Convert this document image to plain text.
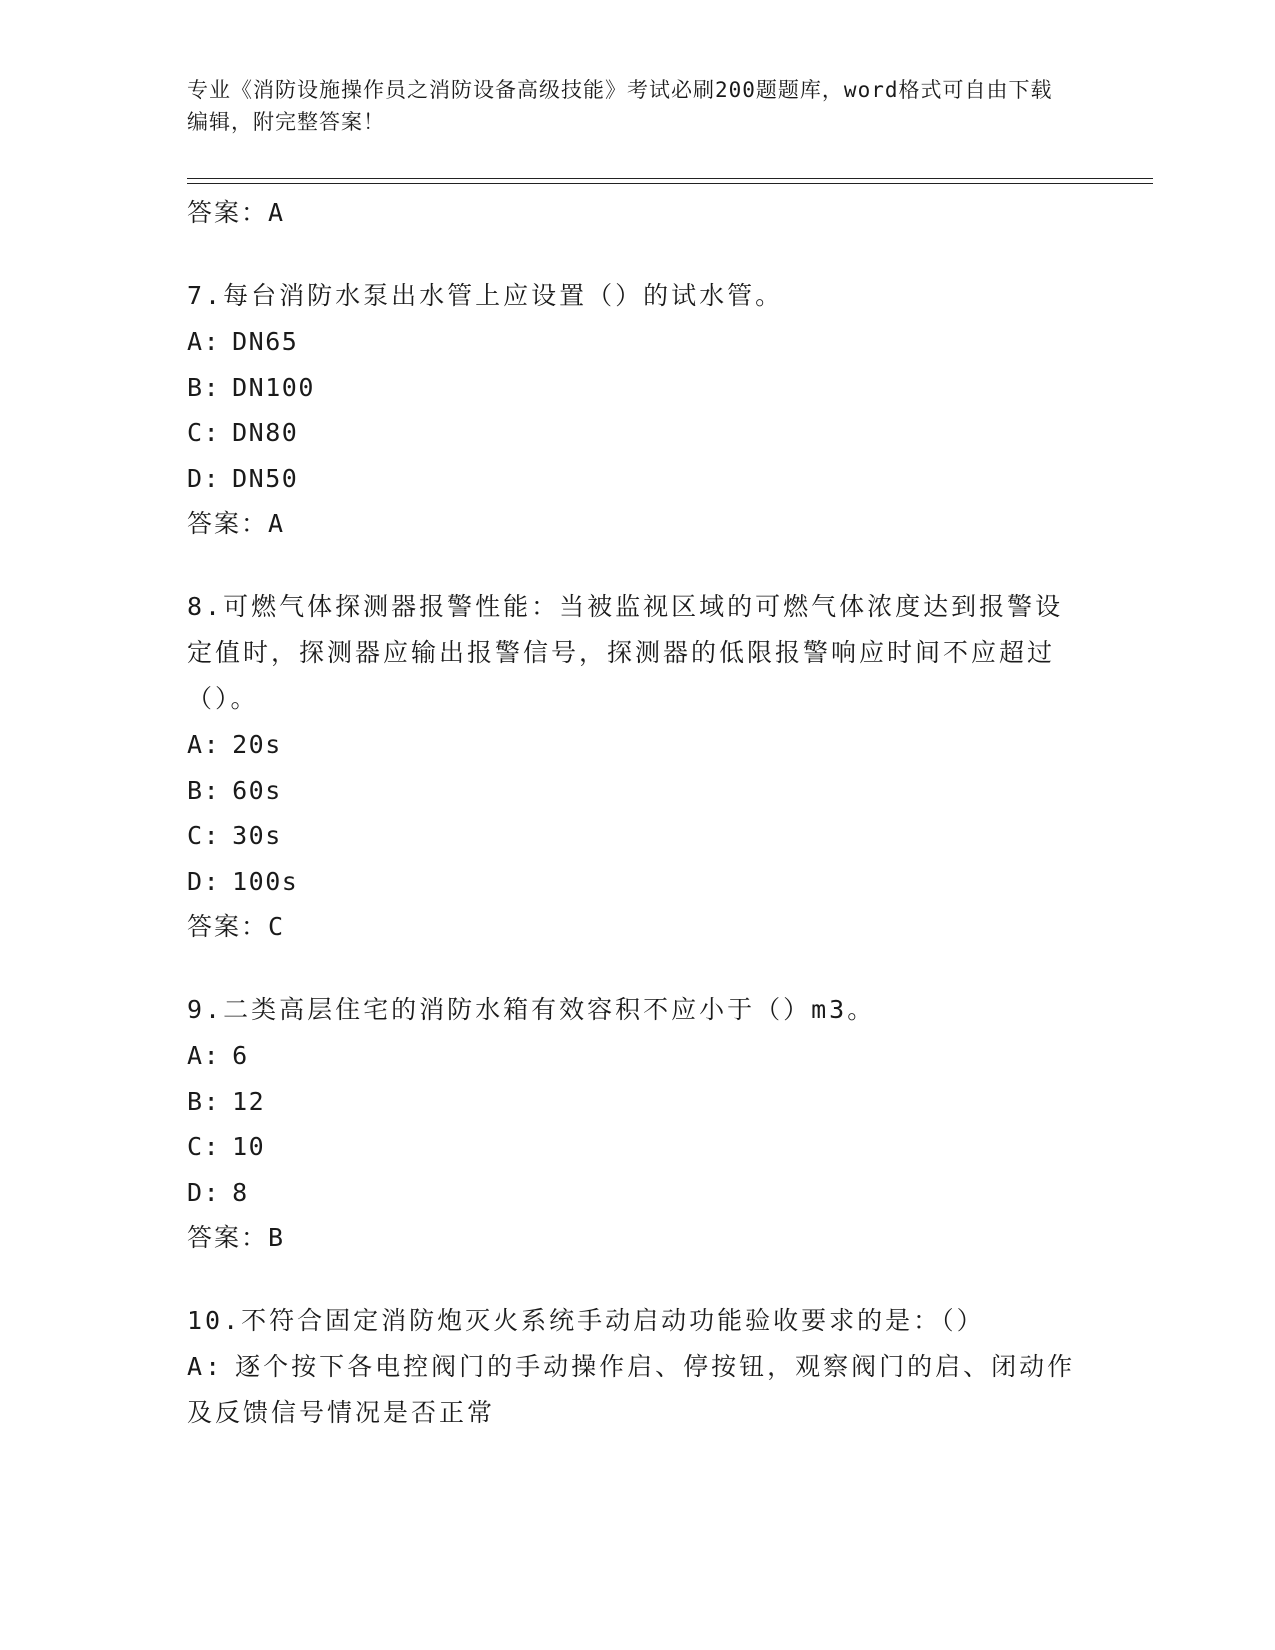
专业《消防设施操作员之消防设备高级技能》考试必刷200题题库，word格式可自由下载编辑，附完整答案！
答案：A
7.每台消防水泵出水管上应设置（）的试水管。
A: DN65
B: DN100
C: DN80
D: DN50
答案：A
8.可燃气体探测器报警性能：当被监视区域的可燃气体浓度达到报警设定值时，探测器应输出报警信号，探测器的低限报警响应时间不应超过（）。
A: 20s
B: 60s
C: 30s
D: 100s
答案：C
9.二类高层住宅的消防水箱有效容积不应小于（）m3。
A: 6
B: 12
C: 10
D: 8
答案：B
10.不符合固定消防炮灭火系统手动启动功能验收要求的是：（）
A: 逐个按下各电控阀门的手动操作启、停按钮，观察阀门的启、闭动作及反馈信号情况是否正常
